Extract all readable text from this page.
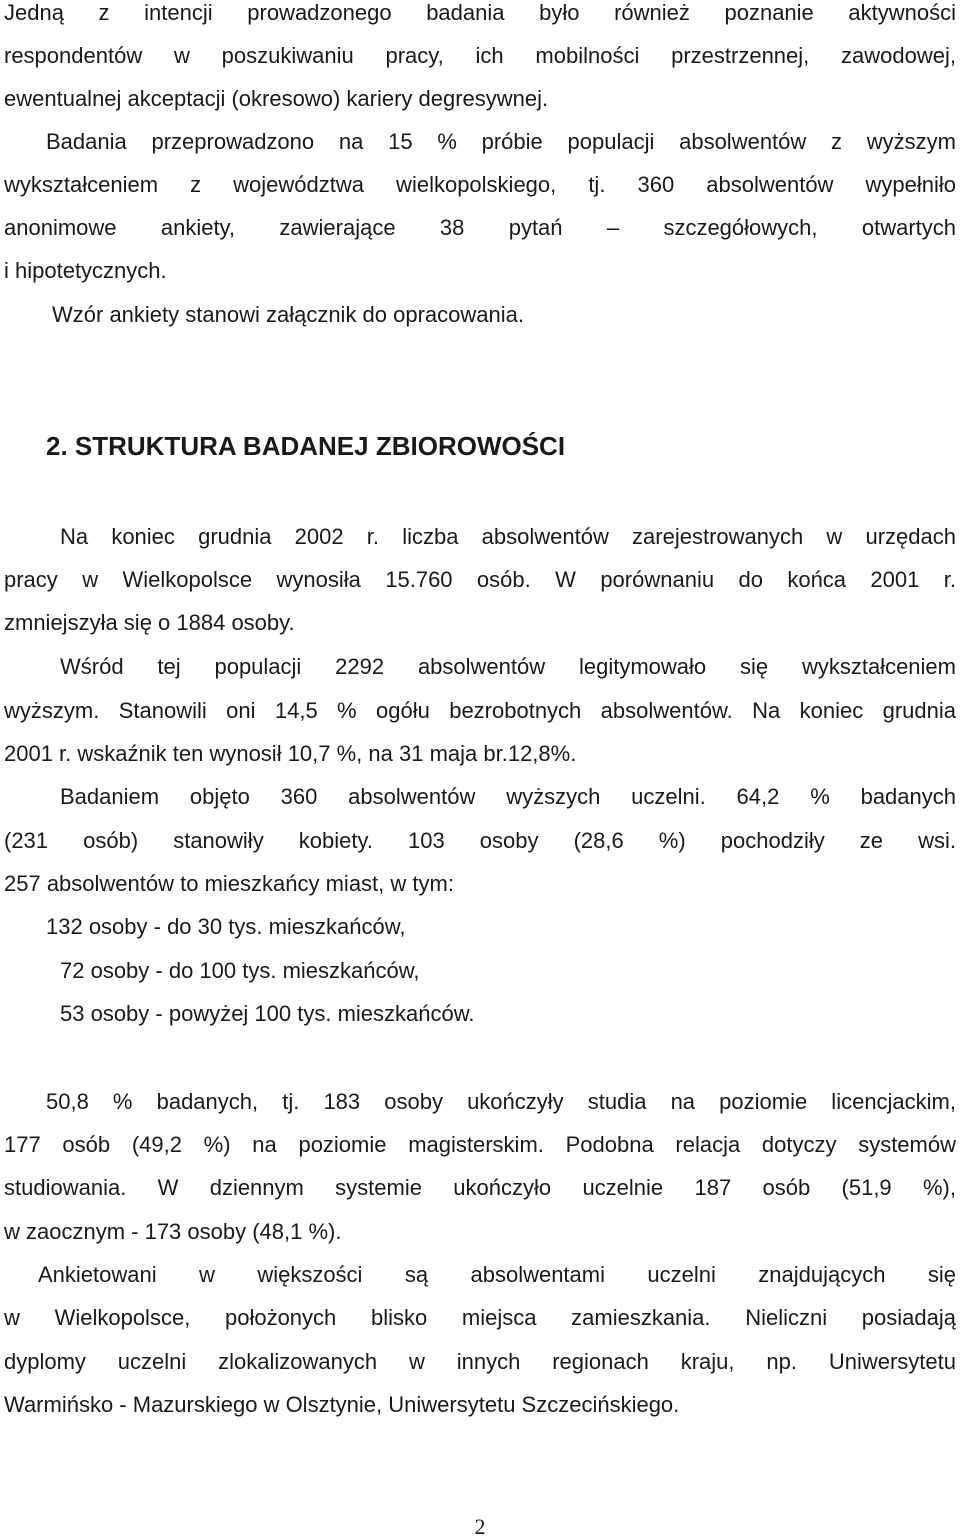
Jedną z intencji prowadzonego badania było również poznanie aktywności
respondentów w poszukiwaniu pracy, ich mobilności przestrzennej, zawodowej,
ewentualnej akceptacji (okresowo) kariery degresywnej.
Badania przeprowadzono na 15 % próbie populacji absolwentów z wyższym
wykształceniem z województwa wielkopolskiego, tj. 360 absolwentów wypełniło
anonimowe ankiety, zawierające 38 pytań – szczegółowych, otwartych
i hipotetycznych.
Wzór ankiety stanowi załącznik do opracowania.
2. STRUKTURA BADANEJ ZBIOROWOŚCI
Na koniec grudnia 2002 r. liczba absolwentów zarejestrowanych w urzędach
pracy w Wielkopolsce wynosiła 15.760 osób. W porównaniu do końca 2001 r.
zmniejszyła się o 1884 osoby.
Wśród tej populacji 2292 absolwentów legitymowało się wykształceniem
wyższym. Stanowili oni 14,5 % ogółu bezrobotnych absolwentów. Na koniec grudnia
2001 r. wskaźnik ten wynosił 10,7 %, na 31 maja br.12,8%.
Badaniem objęto 360 absolwentów wyższych uczelni. 64,2 % badanych
(231 osób) stanowiły kobiety. 103 osoby (28,6 %) pochodziły ze wsi.
257 absolwentów to mieszkańcy miast, w tym:
132 osoby - do 30 tys. mieszkańców,
72 osoby - do 100 tys. mieszkańców,
53 osoby - powyżej 100 tys. mieszkańców.
50,8 % badanych, tj. 183 osoby ukończyły studia na poziomie licencjackim,
177 osób (49,2 %) na poziomie magisterskim. Podobna relacja dotyczy systemów
studiowania. W dziennym systemie ukończyło uczelnie 187 osób (51,9 %),
w zaocznym - 173 osoby (48,1 %).
Ankietowani w większości są absolwentami uczelni znajdujących się
w Wielkopolsce, położonych blisko miejsca zamieszkania. Nieliczni posiadają
dyplomy uczelni zlokalizowanych w innych regionach kraju, np. Uniwersytetu
Warmińsko - Mazurskiego w Olsztynie, Uniwersytetu Szczecińskiego.
2
